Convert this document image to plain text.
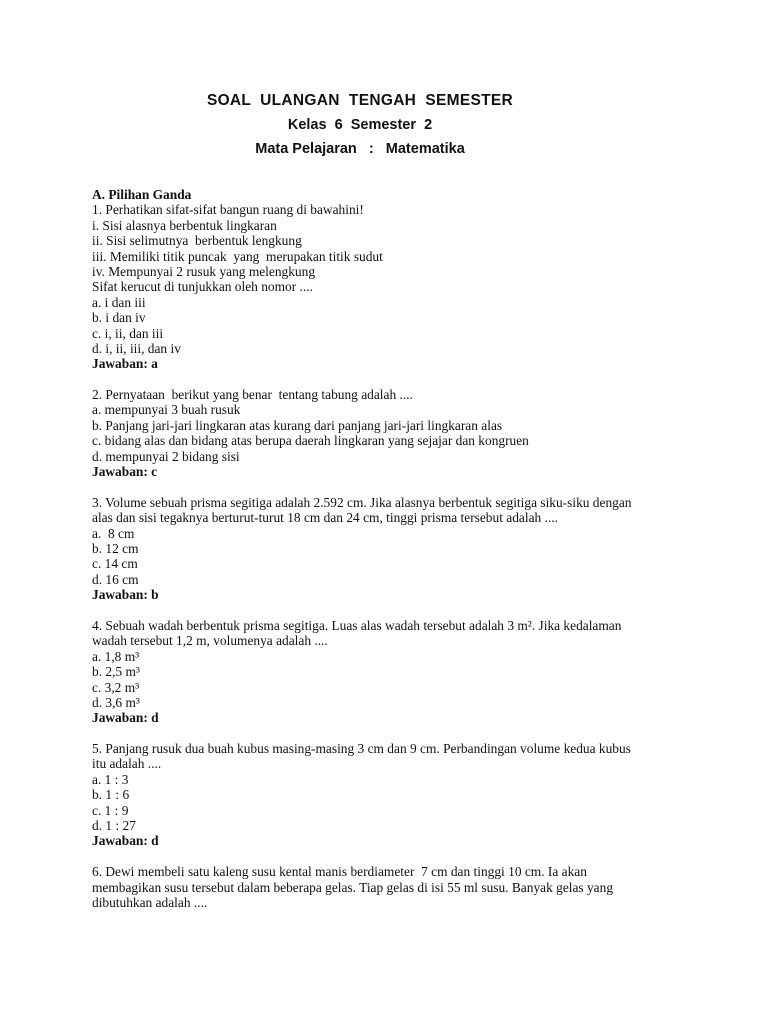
SOAL  ULANGAN  TENGAH  SEMESTER
Kelas  6  Semester  2
Mata Pelajaran   :   Matematika
A. Pilihan Ganda
1. Perhatikan sifat-sifat bangun ruang di bawahini!
i. Sisi alasnya berbentuk lingkaran
ii. Sisi selimutnya  berbentuk lengkung
iii. Memiliki titik puncak  yang  merupakan titik sudut
iv. Mempunyai 2 rusuk yang melengkung
Sifat kerucut di tunjukkan oleh nomor ....
a. i dan iii
b. i dan iv
c. i, ii, dan iii
d. i, ii, iii, dan iv
Jawaban: a
2. Pernyataan  berikut yang benar  tentang tabung adalah ....
a. mempunyai 3 buah rusuk
b. Panjang jari-jari lingkaran atas kurang dari panjang jari-jari lingkaran alas
c. bidang alas dan bidang atas berupa daerah lingkaran yang sejajar dan kongruen
d. mempunyai 2 bidang sisi
Jawaban: c
3. Volume sebuah prisma segitiga adalah 2.592 cm. Jika alasnya berbentuk segitiga siku-siku dengan
alas dan sisi tegaknya berturut-turut 18 cm dan 24 cm, tinggi prisma tersebut adalah ....
a.  8 cm
b. 12 cm
c. 14 cm
d. 16 cm
Jawaban: b
4. Sebuah wadah berbentuk prisma segitiga. Luas alas wadah tersebut adalah 3 m². Jika kedalaman
wadah tersebut 1,2 m, volumenya adalah ....
a. 1,8 m³
b. 2,5 m³
c. 3,2 m³
d. 3,6 m³
Jawaban: d
5. Panjang rusuk dua buah kubus masing-masing 3 cm dan 9 cm. Perbandingan volume kedua kubus
itu adalah ....
a. 1 : 3
b. 1 : 6
c. 1 : 9
d. 1 : 27
Jawaban: d
6. Dewi membeli satu kaleng susu kental manis berdiameter  7 cm dan tinggi 10 cm. Ia akan
membagikan susu tersebut dalam beberapa gelas. Tiap gelas di isi 55 ml susu. Banyak gelas yang
dibutuhkan adalah ....
